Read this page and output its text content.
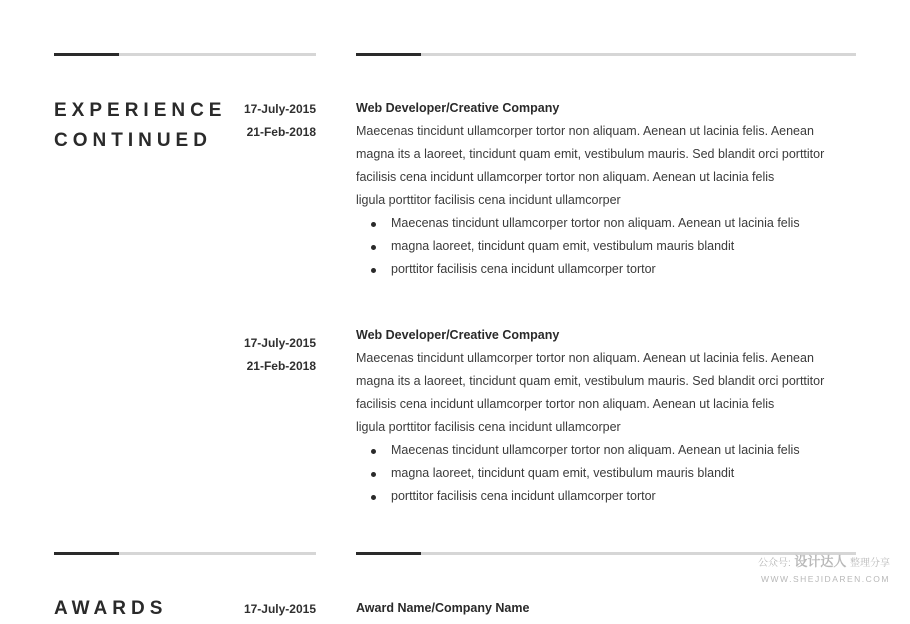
EXPERIENCE
CONTINUED
17-July-2015
21-Feb-2018
Web Developer/Creative Company

Maecenas tincidunt ullamcorper tortor non aliquam. Aenean ut lacinia felis. Aenean
magna its a laoreet, tincidunt quam emit, vestibulum mauris. Sed blandit orci porttitor
facilisis cena incidunt ullamcorper tortor non aliquam. Aenean ut lacinia felis
ligula porttitor facilisis cena incidunt ullamcorper

Maecenas tincidunt ullamcorper tortor non aliquam. Aenean ut lacinia felis
magna laoreet, tincidunt quam emit, vestibulum mauris blandit
porttitor facilisis cena incidunt ullamcorper tortor
17-July-2015
21-Feb-2018
Web Developer/Creative Company

Maecenas tincidunt ullamcorper tortor non aliquam. Aenean ut lacinia felis. Aenean
magna its a laoreet, tincidunt quam emit, vestibulum mauris. Sed blandit orci porttitor
facilisis cena incidunt ullamcorper tortor non aliquam. Aenean ut lacinia felis
ligula porttitor facilisis cena incidunt ullamcorper

Maecenas tincidunt ullamcorper tortor non aliquam. Aenean ut lacinia felis
magna laoreet, tincidunt quam emit, vestibulum mauris blandit
porttitor facilisis cena incidunt ullamcorper tortor
AWARDS	17-July-2015	Award Name/Company Name
公众号: 设计达人 整理分享
WWW.SHEJIDAREN.COM
